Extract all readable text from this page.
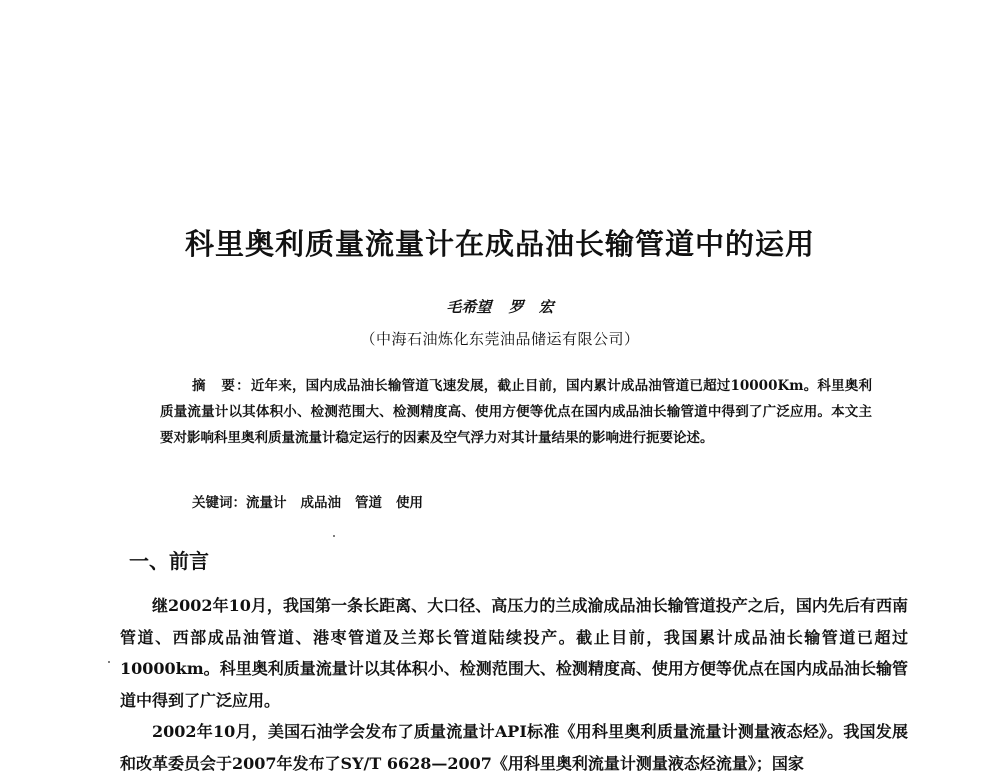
科里奥利质量流量计在成品油长输管道中的运用
毛希望 罗　宏
（中海石油炼化东莞油品储运有限公司）
摘　要：近年来，国内成品油长输管道飞速发展，截止目前，国内累计成品油管道已超过10000Km。科里奥利质量流量计以其体积小、检测范围大、检测精度高、使用方便等优点在国内成品油长输管道中得到了广泛应用。本文主要对影响科里奥利质量流量计稳定运行的因素及空气浮力对其计量结果的影响进行扼要论述。
关键词：流量计 成品油 管道 使用
一、前言

继2002年10月，我国第一条长距离、大口径、高压力的兰成渝成品油长输管道投产之后，国内先后有西南管道、西部成品油管道、港枣管道及兰郑长管道陆续投产。截止目前，我国累计成品油长输管道已超过10000km。科里奥利质量流量计以其体积小、检测范围大、检测精度高、使用方便等优点在国内成品油长输管道中得到了广泛应用。

2002年10月，美国石油学会发布了质量流量计API标准《用科里奥利质量流量计测量液态烃》。我国发展和改革委员会于2007年发布了SY/T 6628—2007《用科里奥利流量计测量液态烃流量》；国家
